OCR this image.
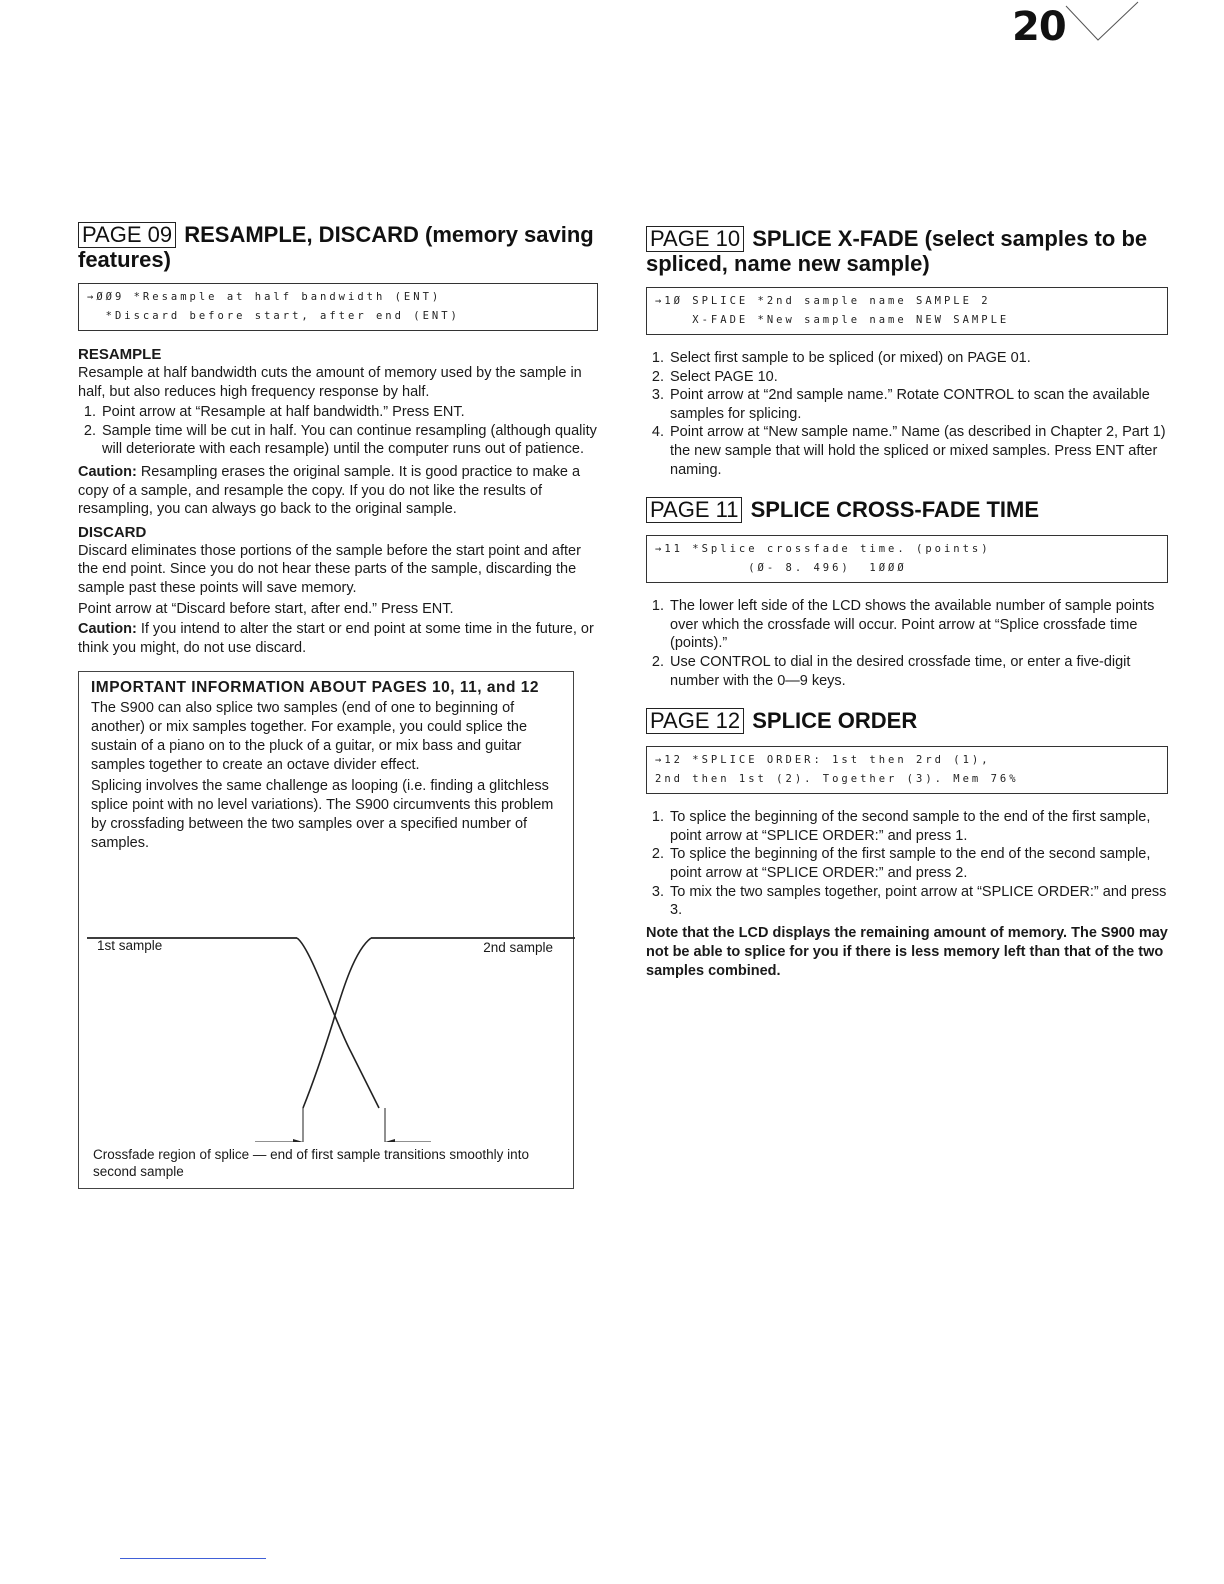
20
PAGE 09 RESAMPLE, DISCARD (memory saving features)
→ØØ9 *Resample at half bandwidth (ENT)
*Discard before start, after end (ENT)
RESAMPLE

Resample at half bandwidth cuts the amount of memory used by the sample in half, but also reduces high frequency response by half.

1. Point arrow at “Resample at half bandwidth.” Press ENT.
2. Sample time will be cut in half. You can continue resampling (although quality will deteriorate with each resample) until the computer runs out of patience.

Caution: Resampling erases the original sample. It is good practice to make a copy of a sample, and resample the copy. If you do not like the results of resampling, you can always go back to the original sample.

DISCARD

Discard eliminates those portions of the sample before the start point and after the end point. Since you do not hear these parts of the sample, discarding the sample past these points will save memory.

Point arrow at “Discard before start, after end.” Press ENT.

Caution: If you intend to alter the start or end point at some time in the future, or think you might, do not use discard.

IMPORTANT INFORMATION ABOUT PAGES 10, 11, and 12

The S900 can also splice two samples (end of one to beginning of another) or mix samples together. For example, you could splice the sustain of a piano on to the pluck of a guitar, or mix bass and guitar samples together to create an octave divider effect.

Splicing involves the same challenge as looping (i.e. finding a glitchless splice point with no level variations). The S900 circumvents this problem by crossfading between the two samples over a specified number of samples.

1st sample	2nd sample
Crossfade region of splice — end of first sample transitions smoothly into second sample
PAGE 10 SPLICE X-FADE (select samples to be spliced, name new sample)
→1Ø SPLICE *2nd sample name SAMPLE 2
X-FADE *New sample name NEW SAMPLE
1. Select first sample to be spliced (or mixed) on PAGE 01.
2. Select PAGE 10.
3. Point arrow at “2nd sample name.” Rotate CONTROL to scan the available samples for splicing.
4. Point arrow at “New sample name.” Name (as described in Chapter 2, Part 1) the new sample that will hold the spliced or mixed samples. Press ENT after naming.
PAGE 11 SPLICE CROSS-FADE TIME
→11 *Splice crossfade time. (points)
(Ø- 8. 496)  1ØØØ
1. The lower left side of the LCD shows the available number of sample points over which the crossfade will occur. Point arrow at “Splice crossfade time (points).”
2. Use CONTROL to dial in the desired crossfade time, or enter a five-digit number with the 0—9 keys.
PAGE 12 SPLICE ORDER
→12 *SPLICE ORDER: 1st then 2rd (1),
2nd then 1st (2). Together (3). Mem 76%
1. To splice the beginning of the second sample to the end of the first sample, point arrow at “SPLICE ORDER:” and press 1.
2. To splice the beginning of the first sample to the end of the second sample, point arrow at “SPLICE ORDER:” and press 2.
3. To mix the two samples together, point arrow at “SPLICE ORDER:” and press 3.

Note that the LCD displays the remaining amount of memory. The S900 may not be able to splice for you if there is less memory left than that of the two samples combined.
